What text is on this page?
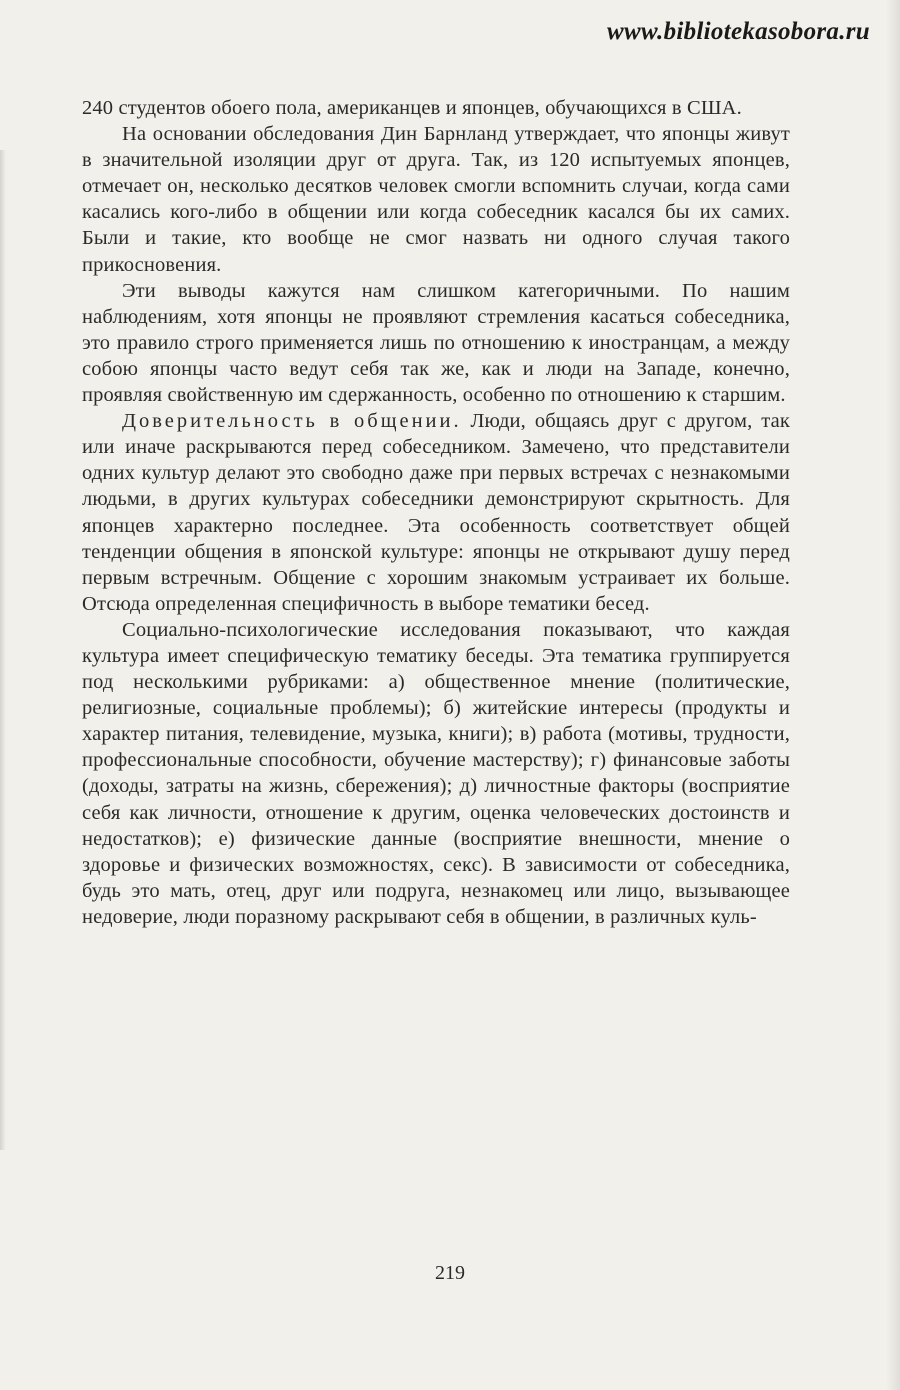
www.bibliotekasobora.ru

240 студентов обоего пола, американцев и японцев, обучающихся в США.

На основании обследования Дин Барнланд утверждает, что японцы живут в значительной изоляции друг от друга. Так, из 120 испытуемых японцев, отмечает он, несколько десятков человек смогли вспомнить случаи, когда сами касались кого-либо в общении или когда собеседник касался бы их самих. Были и такие, кто вообще не смог назвать ни одного случая такого прикосновения.

Эти выводы кажутся нам слишком категоричными. По нашим наблюдениям, хотя японцы не проявляют стремления касаться собеседника, это правило строго применяется лишь по отношению к иностранцам, а между собою японцы часто ведут себя так же, как и люди на Западе, конечно, проявляя свойственную им сдержанность, особенно по отношению к старшим.

Доверительность в общении. Люди, общаясь друг с другом, так или иначе раскрываются перед собеседником. Замечено, что представители одних культур делают это свободно даже при первых встречах с незнакомыми людьми, в других культурах собеседники демонстрируют скрытность. Для японцев характерно последнее. Эта особенность соответствует общей тенденции общения в японской культуре: японцы не открывают душу перед первым встречным. Общение с хорошим знакомым устраивает их больше. Отсюда определенная специфичность в выборе тематики бесед.

Социально-психологические исследования показывают, что каждая культура имеет специфическую тематику беседы. Эта тематика группируется под несколькими рубриками: а) общественное мнение (политические, религиозные, социальные проблемы); б) житейские интересы (продукты и характер питания, телевидение, музыка, книги); в) работа (мотивы, трудности, профессиональные способности, обучение мастерству); г) финансовые заботы (доходы, затраты на жизнь, сбережения); д) личностные факторы (восприятие себя как личности, отношение к другим, оценка человеческих достоинств и недостатков); е) физические данные (восприятие внешности, мнение о здоровье и физических возможностях, секс). В зависимости от собеседника, будь это мать, отец, друг или подруга, незнакомец или лицо, вызывающее недоверие, люди поразному раскрывают себя в общении, в различных куль-

219
